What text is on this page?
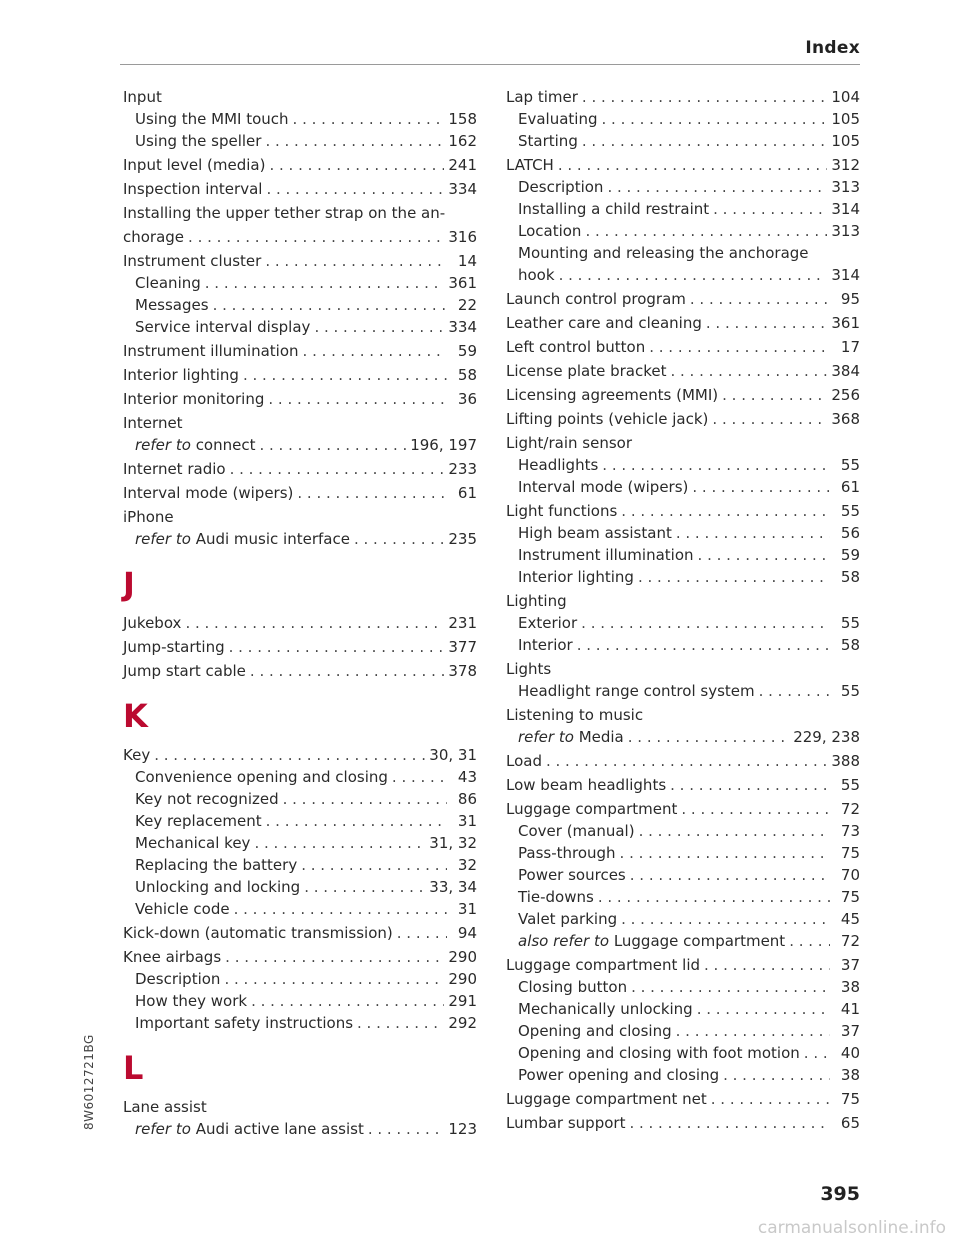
Index
Input
Using the MMI touch . . .	158
Using the speller . . .	162
Input level (media) . . .	241
Inspection interval . . .	334
Installing the upper tether strap on the an-
chorage . . .	316
Instrument cluster . . .	14
Cleaning . . .	361
Messages . . .	22
Service interval display . . .	334
Instrument illumination . . .	59
Interior lighting . . .	58
Interior monitoring . . .	36
Internet
refer to connect . . .	196, 197
Internet radio . . .	233
Interval mode (wipers) . . .	61
iPhone
refer to Audi music interface . . .	235
J
Jukebox . . .	231
Jump-starting . . .	377
Jump start cable . . .	378
K
Key . . .	30, 31
Convenience opening and closing . . .	43
Key not recognized . . .	86
Key replacement . . .	31
Mechanical key . . .	31, 32
Replacing the battery . . .	32
Unlocking and locking . . .	33, 34
Vehicle code . . .	31
Kick-down (automatic transmission) . . .	94
Knee airbags . . .	290
Description . . .	290
How they work . . .	291
Important safety instructions . . .	292
L
Lane assist
refer to Audi active lane assist . . .	123
Lap timer . . .	104
Evaluating . . .	105
Starting . . .	105
LATCH . . .	312
Description . . .	313
Installing a child restraint . . .	314
Location . . .	313
Mounting and releasing the anchorage
hook . . .	314
Launch control program . . .	95
Leather care and cleaning . . .	361
Left control button . . .	17
License plate bracket . . .	384
Licensing agreements (MMI) . . .	256
Lifting points (vehicle jack) . . .	368
Light/rain sensor
Headlights . . .	55
Interval mode (wipers) . . .	61
Light functions . . .	55
High beam assistant . . .	56
Instrument illumination . . .	59
Interior lighting . . .	58
Lighting
Exterior . . .	55
Interior . . .	58
Lights
Headlight range control system . . .	55
Listening to music
refer to Media . . .	229, 238
Load . . .	388
Low beam headlights . . .	55
Luggage compartment . . .	72
Cover (manual) . . .	73
Pass-through . . .	75
Power sources . . .	70
Tie-downs . . .	75
Valet parking . . .	45
also refer to Luggage compartment . . .	72
Luggage compartment lid . . .	37
Closing button . . .	38
Mechanically unlocking . . .	41
Opening and closing . . .	37
Opening and closing with foot motion . . .	40
Power opening and closing . . .	38
Luggage compartment net . . .	75
Lumbar support . . .	65
8W6012721BG
395
carmanualsonline.info
